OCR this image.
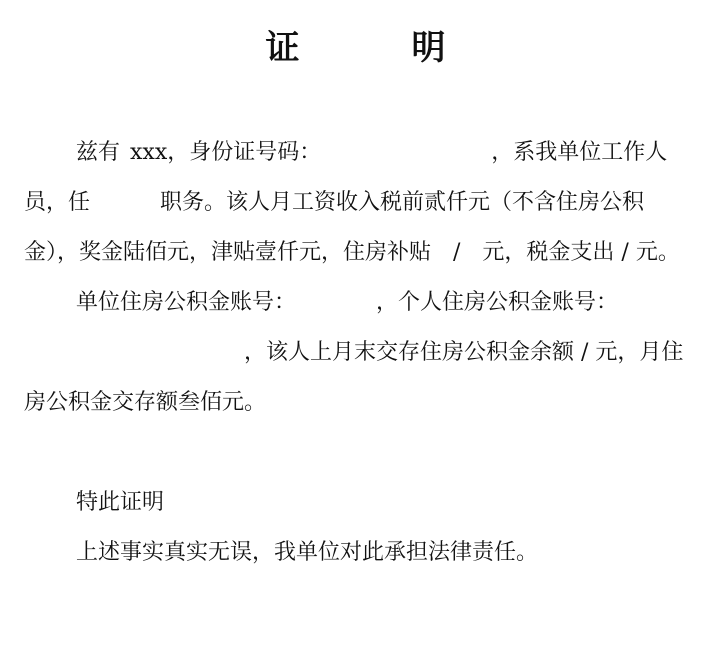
证	明

兹有 xxx，身份证号码：	，系我单位工作人员，任	职务。该人月工资收入税前贰仟元（不含住房公积金），奖金陆佰元，津贴壹仟元，住房补贴　/　元，税金支出 / 元。

单位住房公积金账号：	，个人住房公积金账号：，该人上月末交存住房公积金余额 / 元，月住房公积金交存额叁佰元。

特此证明

上述事实真实无误，我单位对此承担法律责任。
